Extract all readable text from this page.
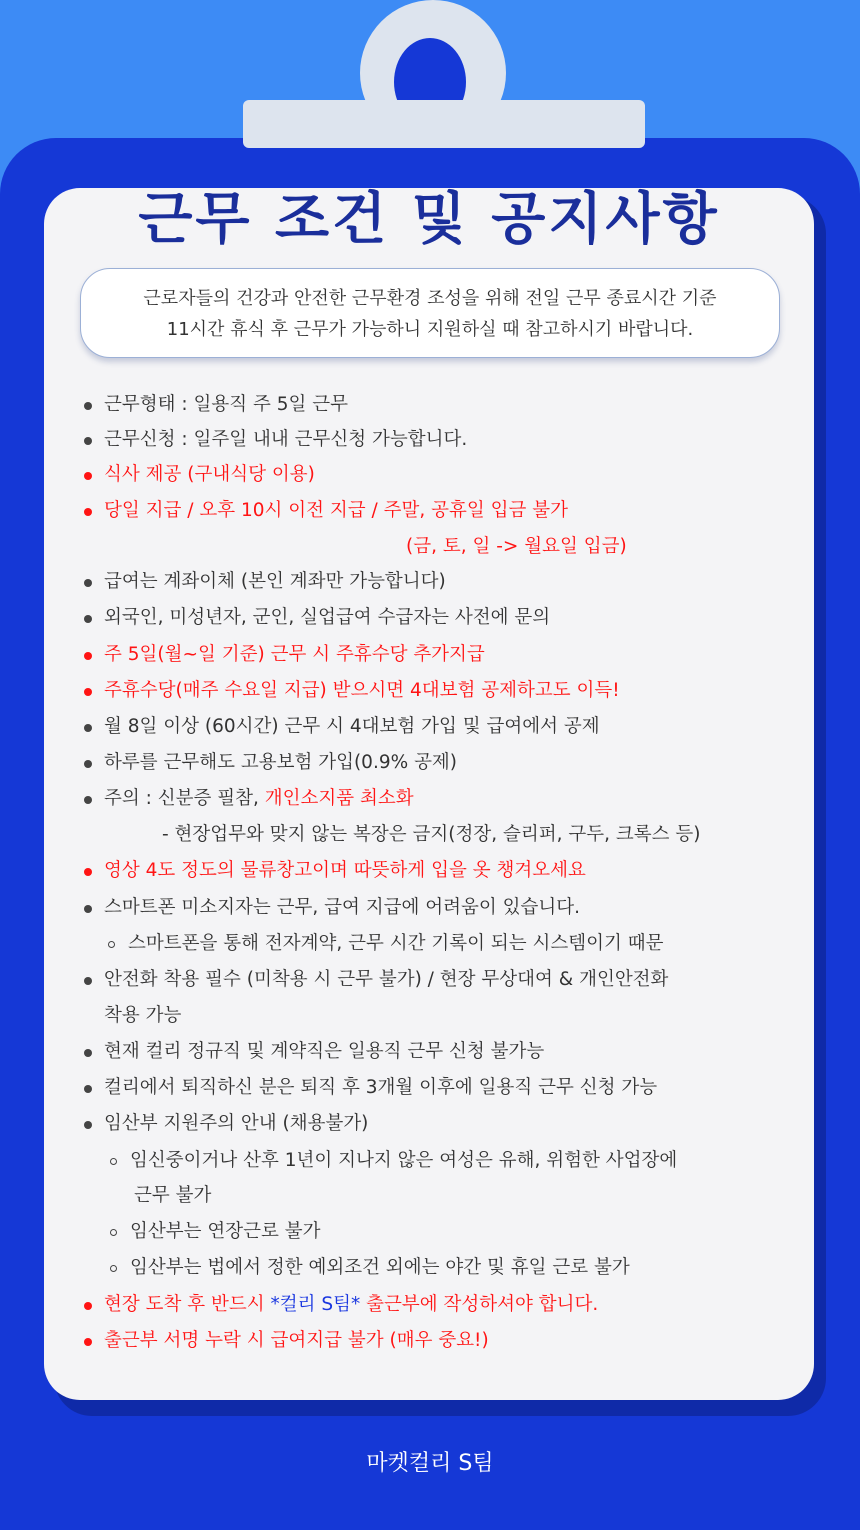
근무 조건 및 공지사항
근로자들의 건강과 안전한 근무환경 조성을 위해 전일 근무 종료시간 기준
11시간 휴식 후 근무가 가능하니 지원하실 때 참고하시기 바랍니다.
근무형태 : 일용직 주 5일 근무
근무신청 : 일주일 내내 근무신청 가능합니다.
식사 제공 (구내식당 이용)
당일 지급 / 오후 10시 이전 지급 / 주말, 공휴일 입금 불가
(금, 토, 일 -> 월요일 입금)
급여는 계좌이체 (본인 계좌만 가능합니다)
외국인, 미성년자, 군인, 실업급여 수급자는 사전에 문의
주 5일(월~일 기준) 근무 시 주휴수당 추가지급
주휴수당(매주 수요일 지급) 받으시면 4대보험 공제하고도 이득!
월 8일 이상 (60시간) 근무 시 4대보험 가입 및 급여에서 공제
하루를 근무해도 고용보험 가입(0.9% 공제)
주의 : 신분증 필참, 개인소지품 최소화
- 현장업무와 맞지 않는 복장은 금지(정장, 슬리퍼, 구두, 크록스 등)
영상 4도 정도의 물류창고이며 따뜻하게 입을 옷 챙겨오세요
스마트폰 미소지자는 근무, 급여 지급에 어려움이 있습니다.
스마트폰을 통해 전자계약, 근무 시간 기록이 되는 시스템이기 때문
안전화 착용 필수 (미착용 시 근무 불가) / 현장 무상대여 & 개인안전화
착용 가능
현재 컬리 정규직 및 계약직은 일용직 근무 신청 불가능
컬리에서 퇴직하신 분은 퇴직 후 3개월 이후에 일용직 근무 신청 가능
임산부 지원주의 안내 (채용불가)
임신중이거나 산후 1년이 지나지 않은 여성은 유해, 위험한 사업장에
근무 불가
임산부는 연장근로 불가
임산부는 법에서 정한 예외조건 외에는 야간 및 휴일 근로 불가
현장 도착 후 반드시 *컬리 S팀* 출근부에 작성하셔야 합니다.
출근부 서명 누락 시 급여지급 불가 (매우 중요!)
마켓컬리 S팀
